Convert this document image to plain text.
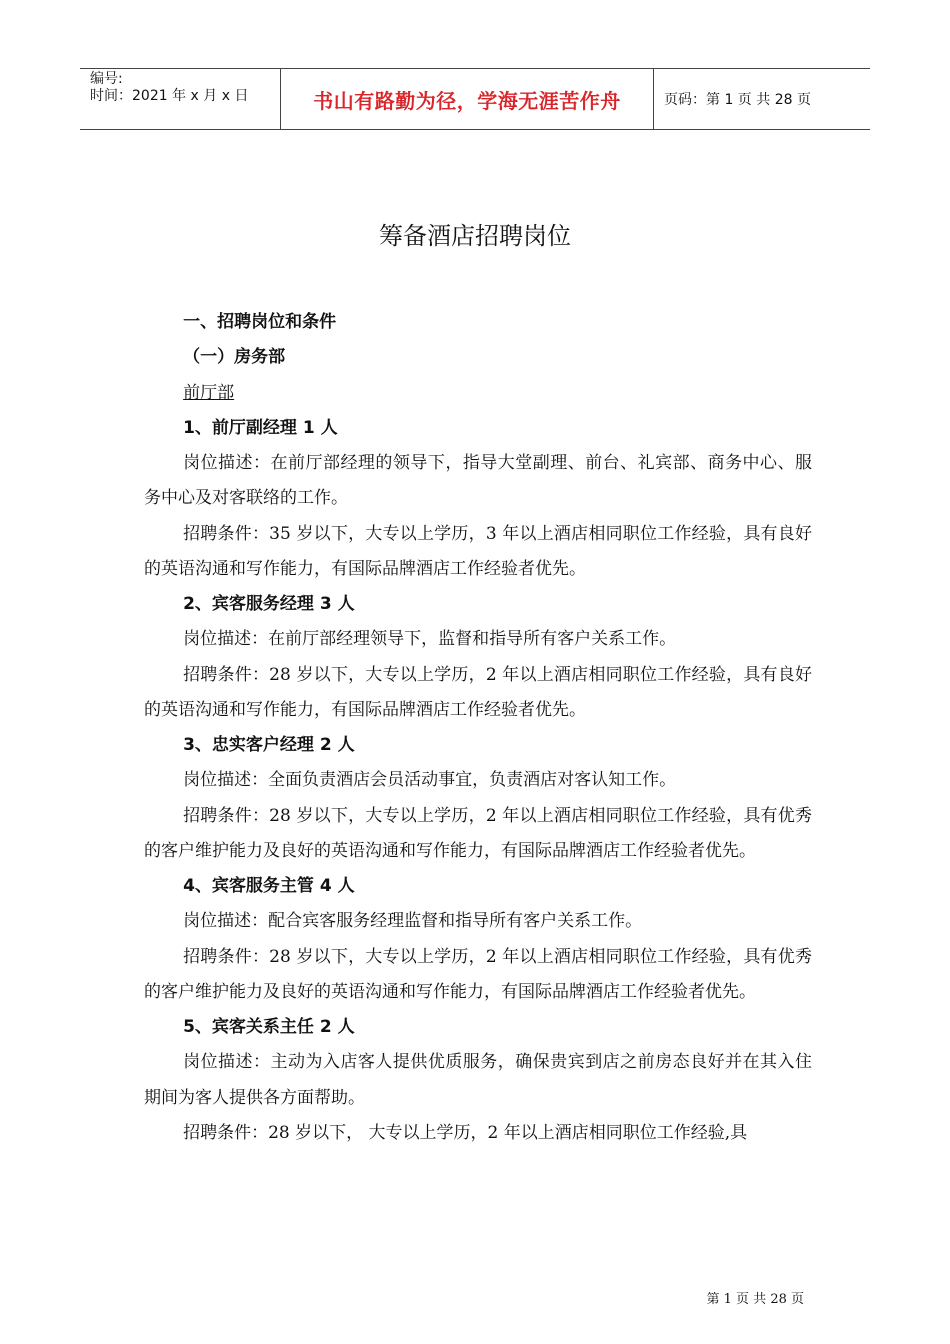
编号:
时间：2021 年 x 月 x 日	书山有路勤为径，学海无涯苦作舟	页码：第 1 页 共 28 页
筹备酒店招聘岗位

一、招聘岗位和条件

（一）房务部

前厅部

1、前厅副经理 1 人

岗位描述：在前厅部经理的领导下，指导大堂副理、前台、礼宾部、商务中心、服务中心及对客联络的工作。

招聘条件：35 岁以下，大专以上学历，3 年以上酒店相同职位工作经验，具有良好的英语沟通和写作能力，有国际品牌酒店工作经验者优先。

2、宾客服务经理 3 人

岗位描述：在前厅部经理领导下，监督和指导所有客户关系工作。

招聘条件：28 岁以下，大专以上学历，2 年以上酒店相同职位工作经验，具有良好的英语沟通和写作能力，有国际品牌酒店工作经验者优先。

3、忠实客户经理 2 人

岗位描述：全面负责酒店会员活动事宜，负责酒店对客认知工作。

招聘条件：28 岁以下，大专以上学历，2 年以上酒店相同职位工作经验，具有优秀的客户维护能力及良好的英语沟通和写作能力，有国际品牌酒店工作经验者优先。

4、宾客服务主管 4 人

岗位描述：配合宾客服务经理监督和指导所有客户关系工作。

招聘条件：28 岁以下，大专以上学历，2 年以上酒店相同职位工作经验，具有优秀的客户维护能力及良好的英语沟通和写作能力，有国际品牌酒店工作经验者优先。

5、宾客关系主任 2 人

岗位描述：主动为入店客人提供优质服务，确保贵宾到店之前房态良好并在其入住期间为客人提供各方面帮助。

招聘条件：28 岁以下， 大专以上学历，2 年以上酒店相同职位工作经验,具

第 1 页 共 28 页
